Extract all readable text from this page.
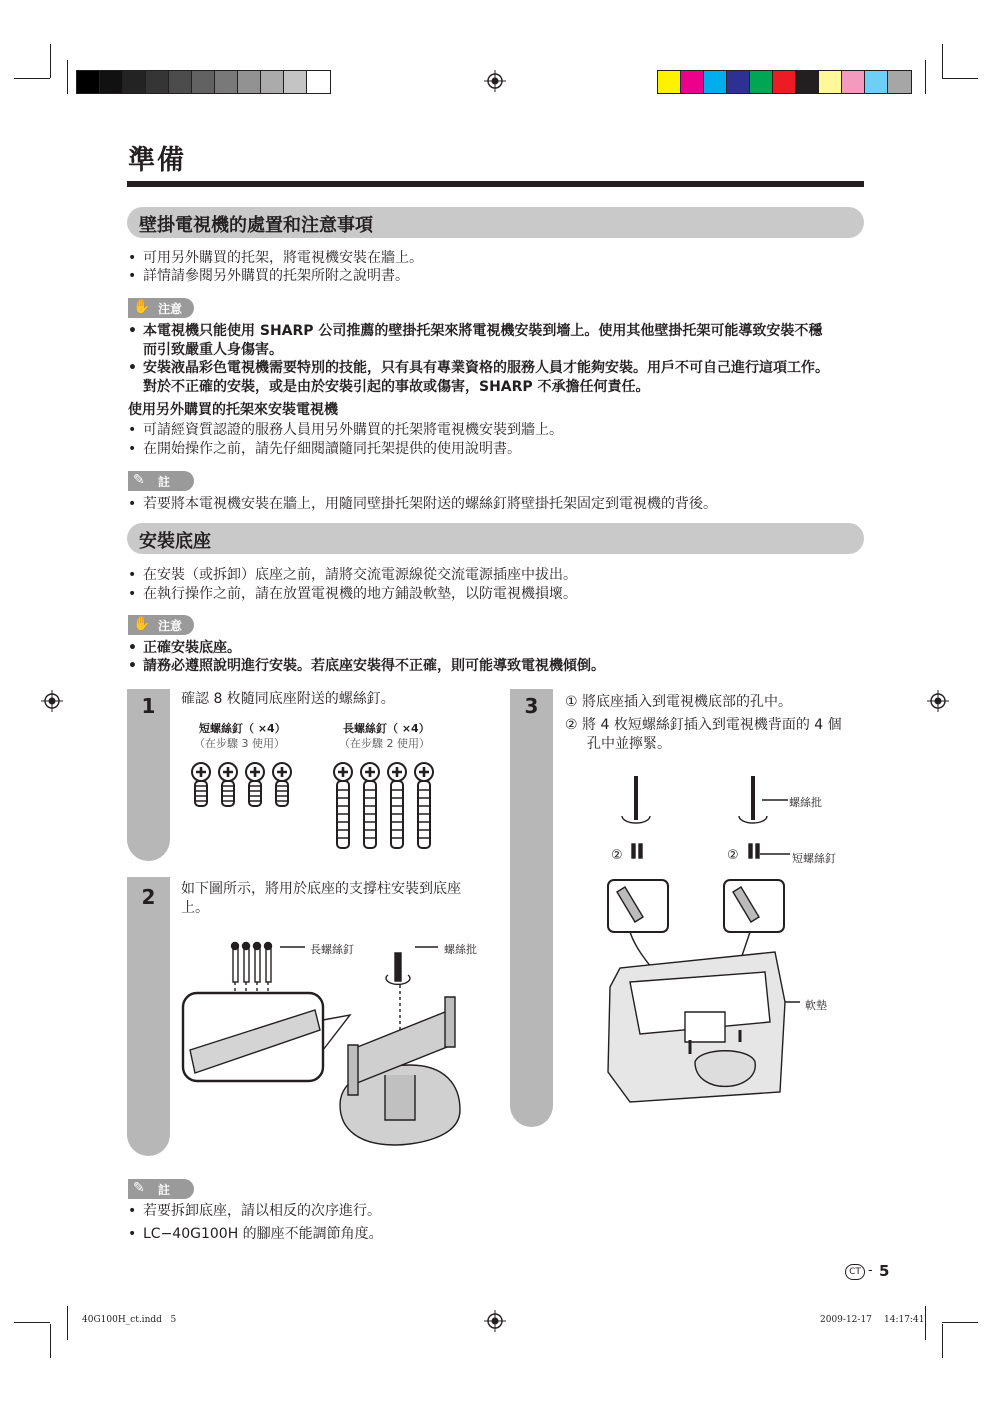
準備
壁掛電視機的處置和注意事項
• 可用另外購買的托架，將電視機安裝在牆上。
• 詳情請參閱另外購買的托架所附之說明書。
✋ 注意
• 本電視機只能使用 SHARP 公司推薦的壁掛托架來將電視機安裝到墻上。使用其他壁掛托架可能導致安裝不穩
而引致嚴重人身傷害。
• 安裝液晶彩色電視機需要特別的技能，只有具有專業資格的服務人員才能夠安裝。用戶不可自己進行這項工作。
對於不正確的安裝，或是由於安裝引起的事故或傷害，SHARP 不承擔任何責任。
使用另外購買的托架來安裝電視機
• 可請經資質認證的服務人員用另外購買的托架將電視機安裝到牆上。
• 在開始操作之前，請先仔細閱讀隨同托架提供的使用說明書。
✎ 註
• 若要將本電視機安裝在牆上，用隨同壁掛托架附送的螺絲釘將壁掛托架固定到電視機的背後。
安裝底座
• 在安裝（或拆卸）底座之前，請將交流電源線從交流電源插座中拔出。
• 在執行操作之前，請在放置電視機的地方鋪設軟墊，以防電視機損壞。
✋ 注意
• 正確安裝底座。
• 請務必遵照說明進行安裝。若底座安裝得不正確，則可能導致電視機傾倒。
1
2
3
確認 8 枚隨同底座附送的螺絲釘。
短螺絲釘（ ×4）
（在步驟 3 使用）
長螺絲釘（ ×4）
（在步驟 2 使用）
如下圖所示，將用於底座的支撐柱安裝到底座
上。
長螺絲釘	螺絲批
① 將底座插入到電視機底部的孔中。
② 將 4 枚短螺絲釘插入到電視機背面的 4 個
孔中並擰緊。
螺絲批
短螺絲釘
軟墊
②	②
✎ 註
• 若要拆卸底座，請以相反的次序進行。
• LC−40G100H 的腳座不能調節角度。
CT - 5
40G100H_ct.indd   5	2009-12-17 14:17:41
